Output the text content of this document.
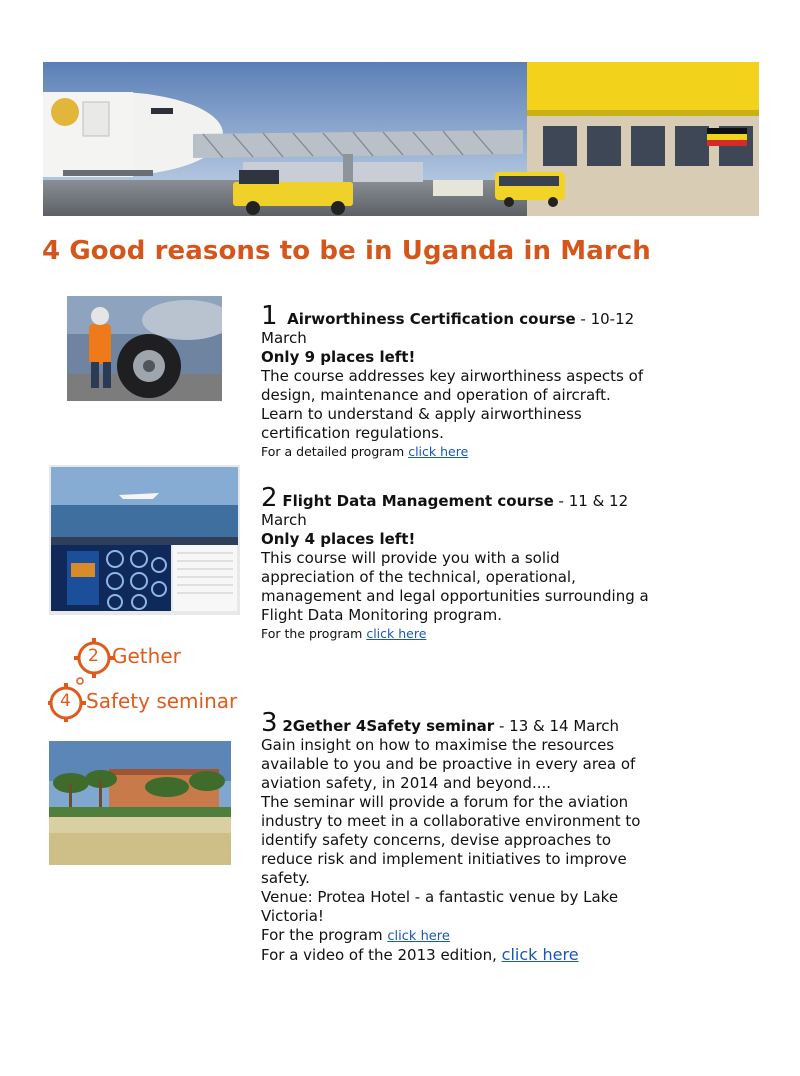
4 Good reasons to be in Uganda in March
2 Gether
4 Safety seminar

1 Airworthiness Certification course - 10-12 March

Only 9 places left!

The course addresses key airworthiness aspects of design, maintenance and operation of aircraft. Learn to understand & apply airworthiness certification regulations.

For a detailed program click here

2 Flight Data Management course - 11 & 12 March

Only 4 places left!

This course will provide you with a solid appreciation of the technical, operational, management and legal opportunities surrounding a Flight Data Monitoring program.

For the program click here

3 2Gether 4Safety seminar - 13 & 14 March

Gain insight on how to maximise the resources available to you and be proactive in every area of aviation safety, in 2014 and beyond....

The seminar will provide a forum for the aviation industry to meet in a collaborative environment to identify safety concerns, devise approaches to reduce risk and implement initiatives to improve safety.

Venue: Protea Hotel - a fantastic venue by Lake Victoria!

For the program click here

For a video of the 2013 edition, click here
